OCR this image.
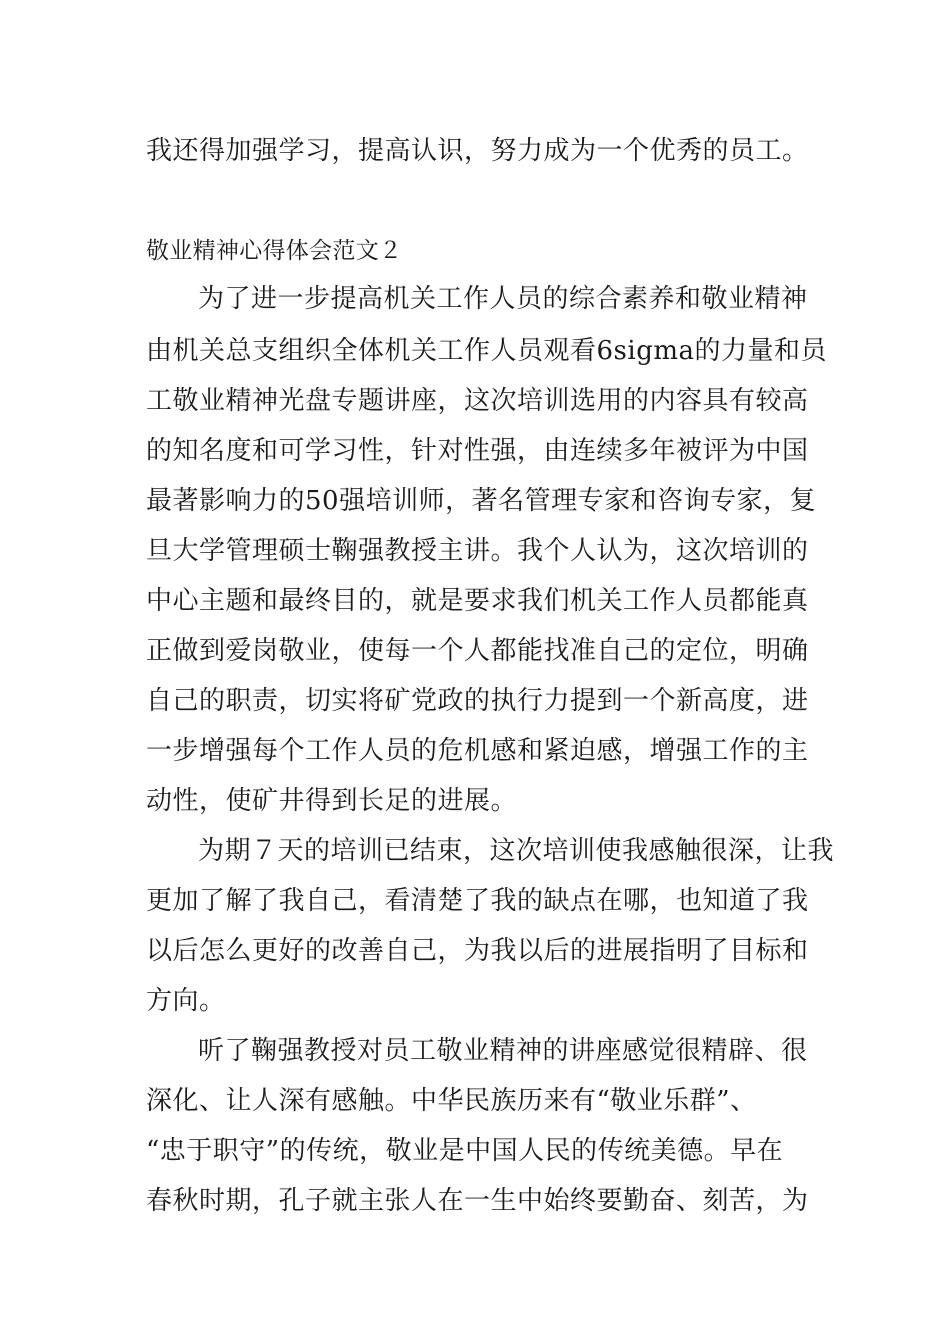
我还得加强学习，提高认识，努力成为一个优秀的员工。
敬业精神心得体会范文２
为了进一步提高机关工作人员的综合素养和敬业精神
由机关总支组织全体机关工作人员观看6sigma的力量和员
工敬业精神光盘专题讲座，这次培训选用的内容具有较高
的知名度和可学习性，针对性强，由连续多年被评为中国
最著影响力的50强培训师，著名管理专家和咨询专家，复
旦大学管理硕士鞠强教授主讲。我个人认为，这次培训的
中心主题和最终目的，就是要求我们机关工作人员都能真
正做到爱岗敬业，使每一个人都能找准自己的定位，明确
自己的职责，切实将矿党政的执行力提到一个新高度，进
一步增强每个工作人员的危机感和紧迫感，增强工作的主
动性，使矿井得到长足的进展。
为期７天的培训已结束，这次培训使我感触很深，让我
更加了解了我自己，看清楚了我的缺点在哪，也知道了我
以后怎么更好的改善自己，为我以后的进展指明了目标和
方向。
听了鞠强教授对员工敬业精神的讲座感觉很精辟、很
深化、让人深有感触。中华民族历来有“敬业乐群”、
“忠于职守”的传统，敬业是中国人民的传统美德。早在
春秋时期，孔子就主张人在一生中始终要勤奋、刻苦，为
